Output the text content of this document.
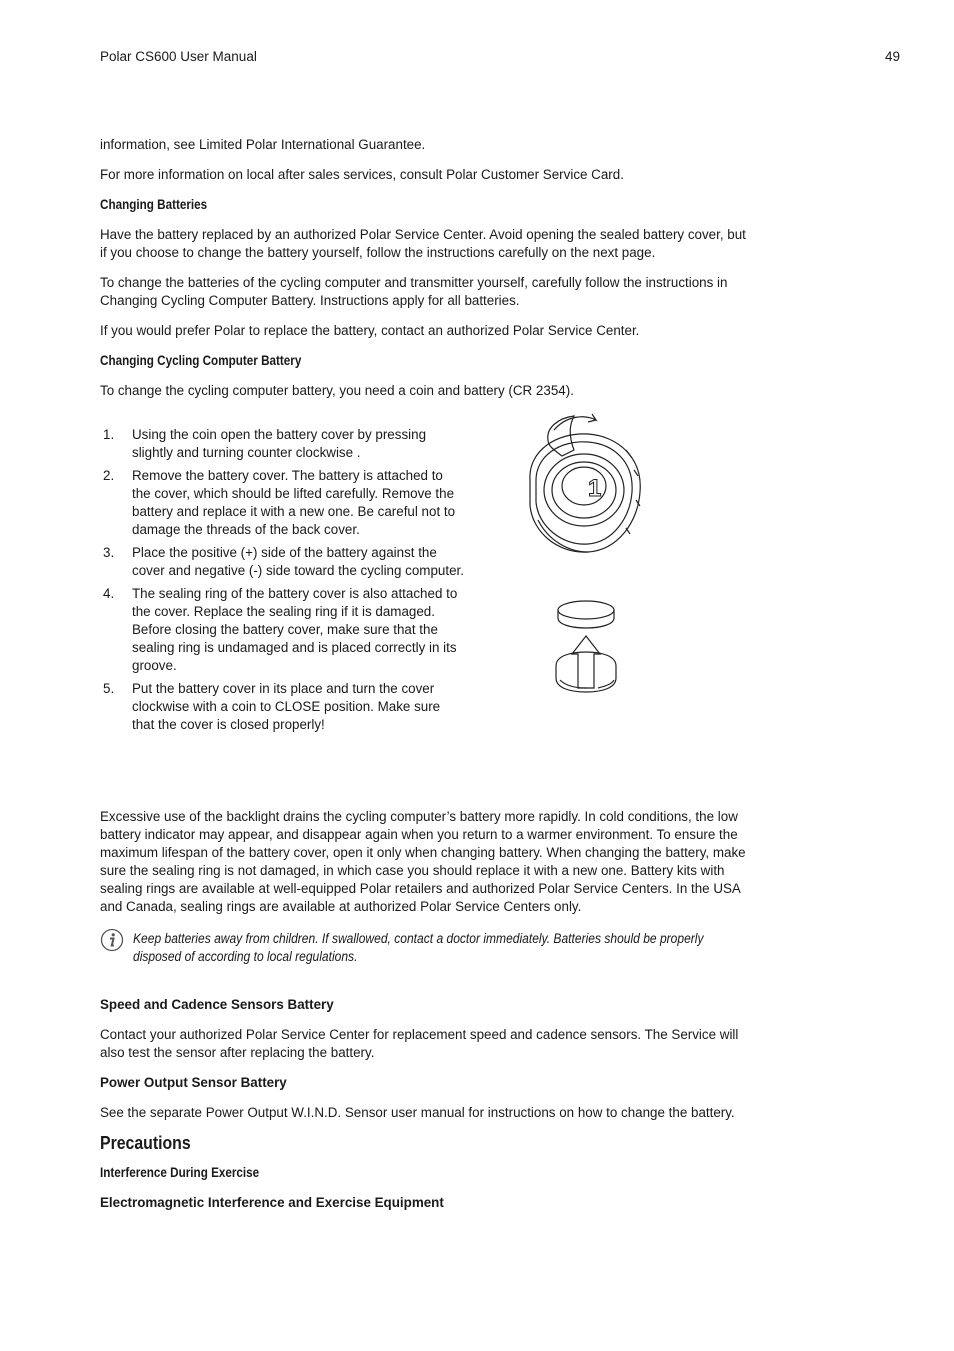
Polar CS600 User Manual	49

information, see Limited Polar International Guarantee.

For more information on local after sales services, consult Polar Customer Service Card.

Changing Batteries

Have the battery replaced by an authorized Polar Service Center. Avoid opening the sealed battery cover, but if you choose to change the battery yourself, follow the instructions carefully on the next page.

To change the batteries of the cycling computer and transmitter yourself, carefully follow the instructions in Changing Cycling Computer Battery. Instructions apply for all batteries.

If you would prefer Polar to replace the battery, contact an authorized Polar Service Center.

Changing Cycling Computer Battery

To change the cycling computer battery, you need a coin and battery (CR 2354).

1. Using the coin open the battery cover by pressing slightly and turning counter clockwise .
2. Remove the battery cover. The battery is attached to the cover, which should be lifted carefully. Remove the battery and replace it with a new one. Be careful not to damage the threads of the back cover.
3. Place the positive (+) side of the battery against the cover and negative (-) side toward the cycling computer.
4. The sealing ring of the battery cover is also attached to the cover. Replace the sealing ring if it is damaged. Before closing the battery cover, make sure that the sealing ring is undamaged and is placed correctly in its groove.
5. Put the battery cover in its place and turn the cover clockwise with a coin to CLOSE position. Make sure that the cover is closed properly!
1

Excessive use of the backlight drains the cycling computer’s battery more rapidly. In cold conditions, the low battery indicator may appear, and disappear again when you return to a warmer environment. To ensure the maximum lifespan of the battery cover, open it only when changing battery. When changing the battery, make sure the sealing ring is not damaged, in which case you should replace it with a new one. Battery kits with sealing rings are available at well-equipped Polar retailers and authorized Polar Service Centers. In the USA and Canada, sealing rings are available at authorized Polar Service Centers only.

Keep batteries away from children. If swallowed, contact a doctor immediately. Batteries should be properly disposed of according to local regulations.
Speed and Cadence Sensors Battery

Contact your authorized Polar Service Center for replacement speed and cadence sensors. The Service will also test the sensor after replacing the battery.

Power Output Sensor Battery

See the separate Power Output W.I.N.D. Sensor user manual for instructions on how to change the battery.

Precautions
Interference During Exercise
Electromagnetic Interference and Exercise Equipment
